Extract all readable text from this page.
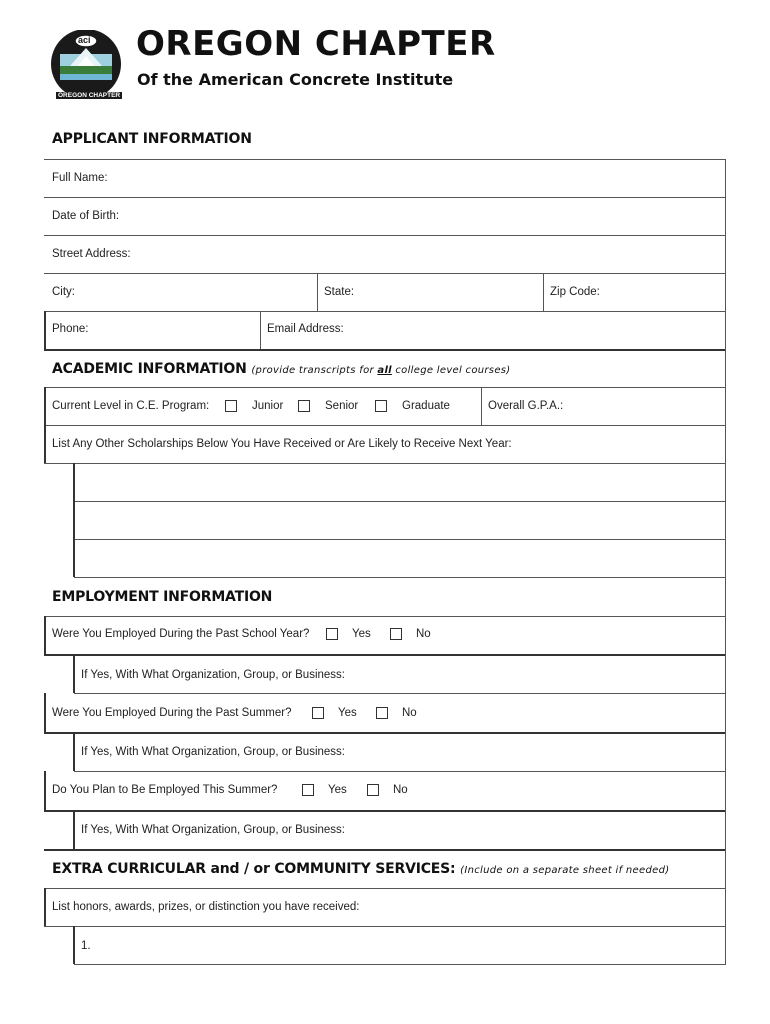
aci
OREGON CHAPTER
OREGON CHAPTER
Of the American Concrete Institute
APPLICANT INFORMATION
Full Name:
Date of Birth:
Street Address:
City:	State:	Zip Code:
Phone:	Email Address:
ACADEMIC INFORMATION (provide transcripts for all college level courses)
Current Level in C.E. Program:	Junior	Senior	Graduate	Overall G.P.A.:
List Any Other Scholarships Below You Have Received or Are Likely to Receive Next Year:
EMPLOYMENT INFORMATION
Were You Employed During the Past School Year?	Yes	No
If Yes, With What Organization, Group, or Business:
Were You Employed During the Past Summer?	Yes	No
If Yes, With What Organization, Group, or Business:
Do You Plan to Be Employed This Summer?	Yes	No
If Yes, With What Organization, Group, or Business:
EXTRA CURRICULAR and / or COMMUNITY SERVICES: (Include on a separate sheet if needed)
List honors, awards, prizes, or distinction you have received:
1.
